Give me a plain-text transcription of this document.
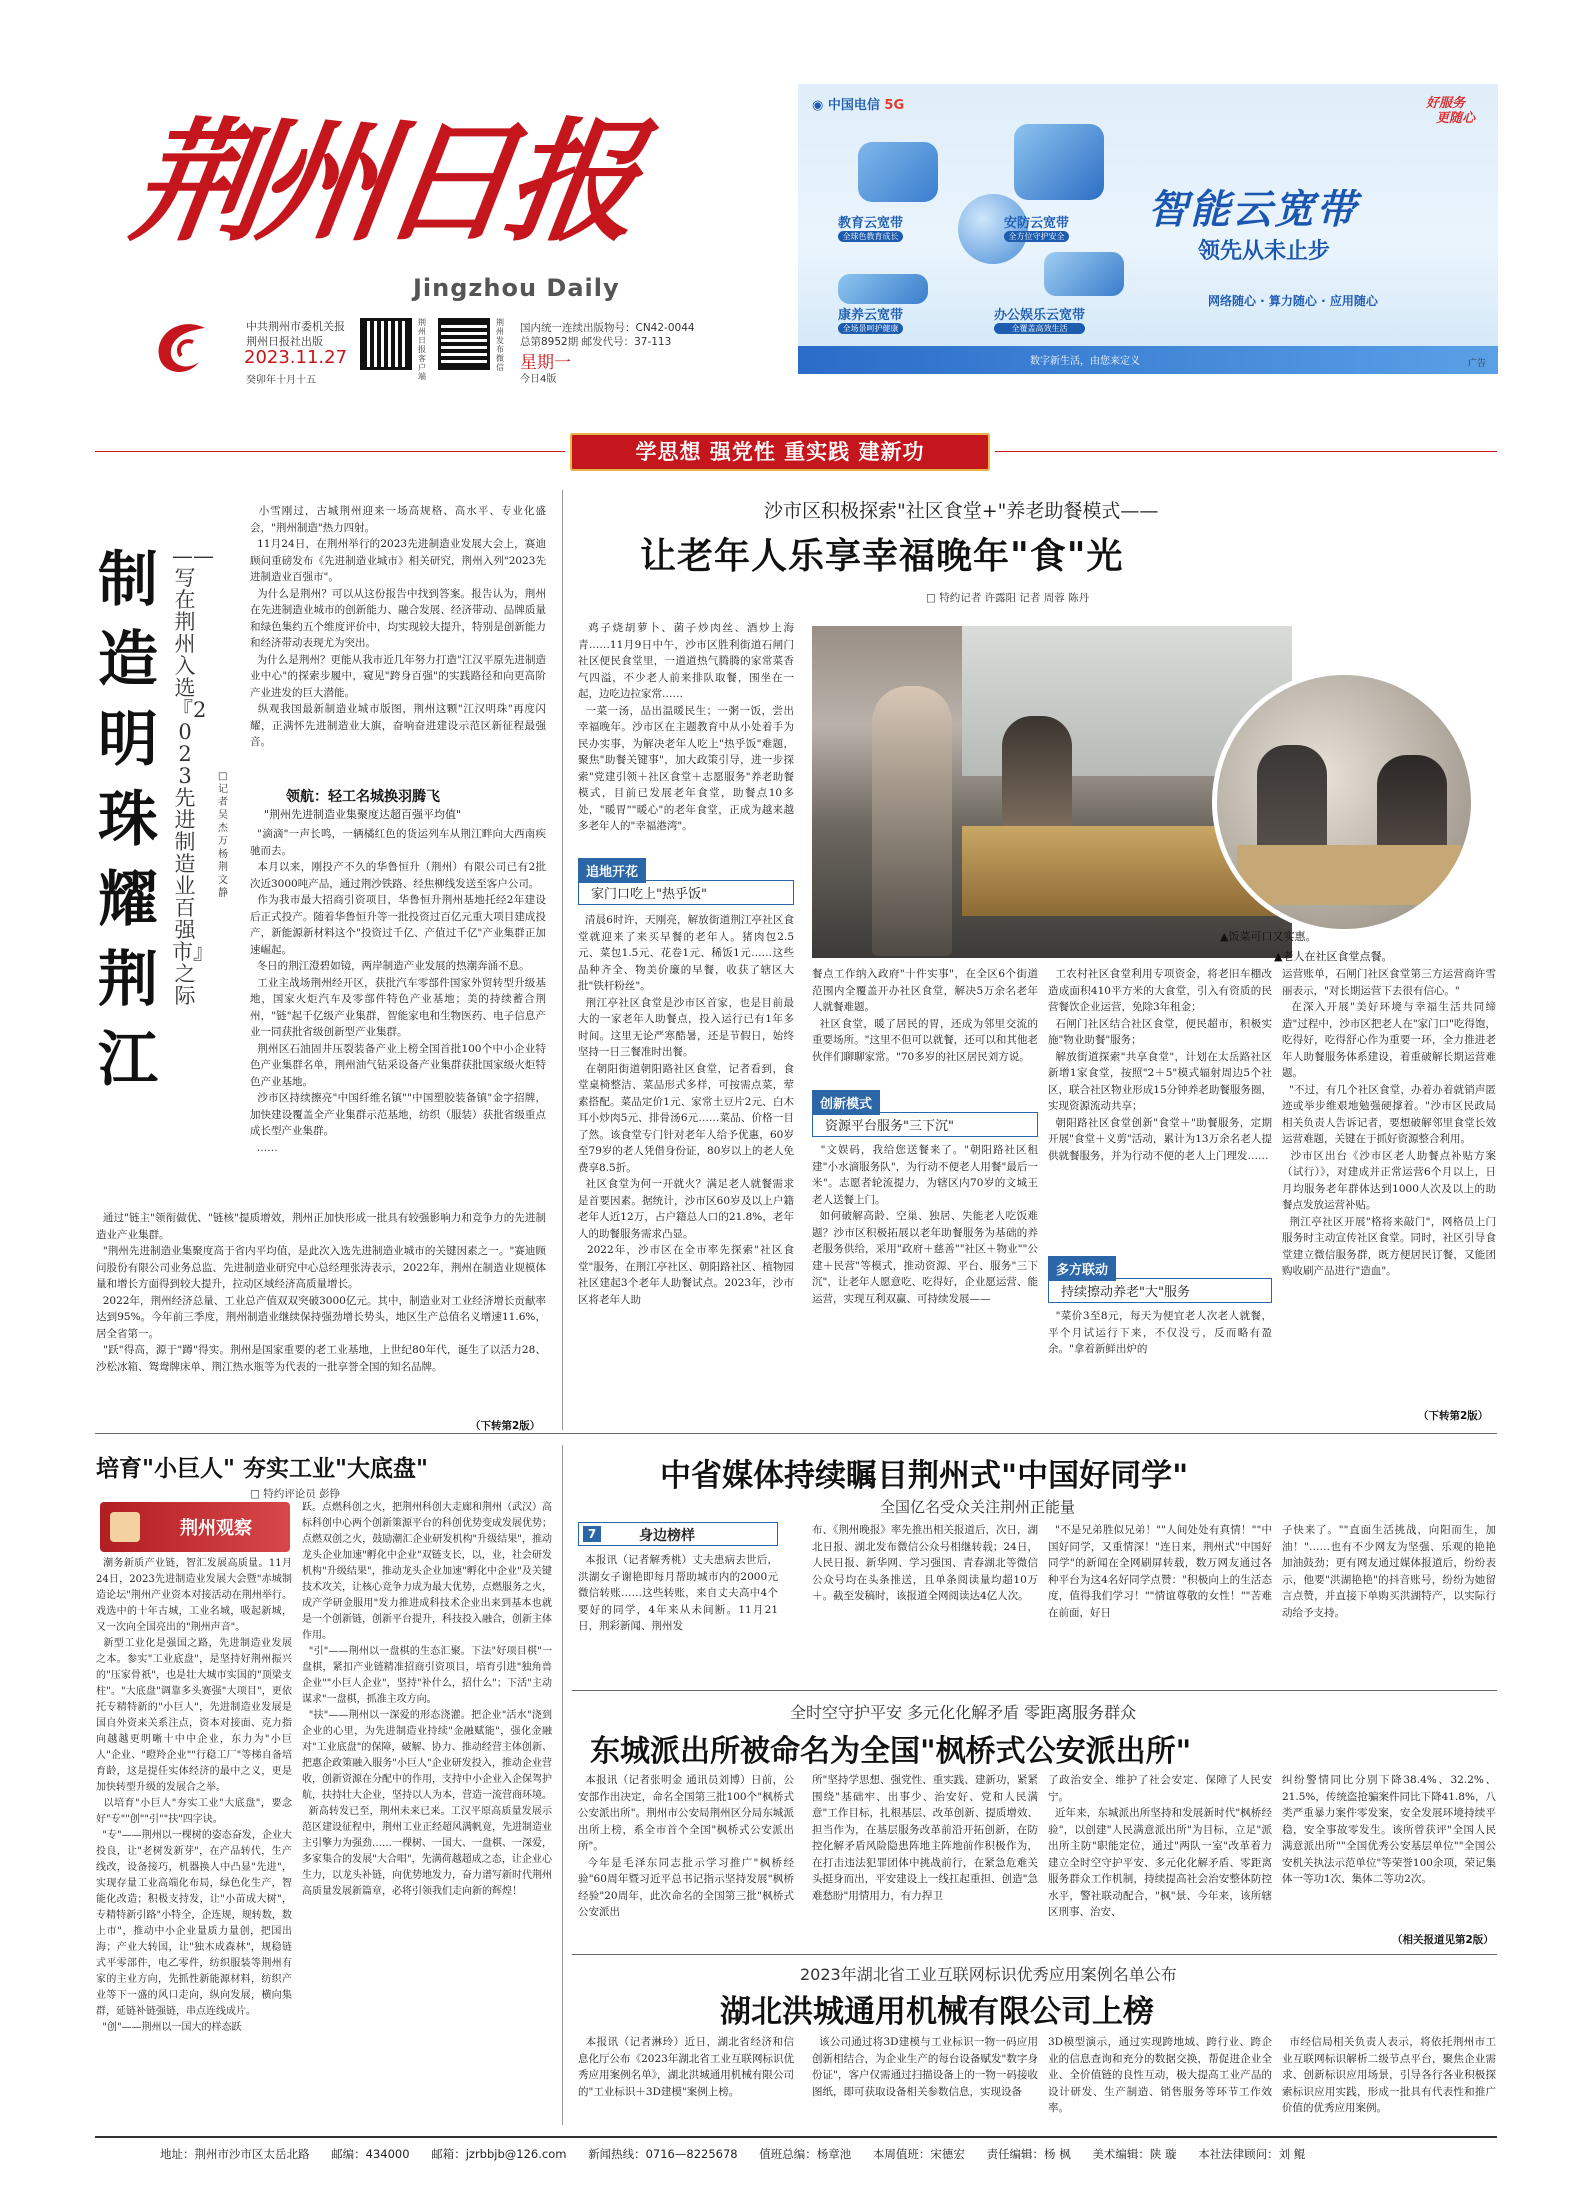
荆州日报
Jingzhou Daily
中共荆州市委机关报
荆州日报社出版
2023.11.27
癸卯年十月十五
荆州日报客户端
荆州发布微信
国内统一连续出版物号：CN42-0044
总第8952期 邮发代号：37-113
星期一
今日4版
◉ 中国电信 5G	好服务
更随心
教育云宽带
全球色教育成长
安防云宽带
全方位守护安全
康养云宽带
全场景呵护健康
办公娱乐云宽带
全覆盖高效生活
智能云宽带
领先从未止步
网络随心 · 算力随心 · 应用随心
数字新生活，由您来定义	广告
学思想 强党性 重实践 建新功
制造明珠耀荆江
——写在荆州入选『2023先进制造业百强市』之际
□ 记者 吴杰 万杨 荆文静
小雪刚过，古城荆州迎来一场高规格、高水平、专业化盛会，"荆州制造"热力四射。
11月24日，在荆州举行的2023先进制造业发展大会上，赛迪顾问重磅发布《先进制造业城市》相关研究，荆州入列"2023先进制造业百强市"。
为什么是荆州？可以从这份报告中找到答案。报告认为，荆州在先进制造业城市的创新能力、融合发展、经济带动、品牌质量和绿色集约五个维度评价中，均实现较大提升，特别是创新能力和经济带动表现尤为突出。
为什么是荆州？更能从我市近几年努力打造"江汉平原先进制造业中心"的探索步履中，窥见"跨身百强"的实践路径和向更高阶产业进发的巨大潜能。
纵观我国最新制造业城市版图，荆州这颗"江汉明珠"再度闪耀，正满怀先进制造业大旗，奋响奋进建设示范区新征程最强音。
领航：轻工名城换羽腾飞
"荆州先进制造业集聚度达超百强平均值"
"滴滴"一声长鸣，一辆橘红色的货运列车从荆江畔向大西南疾驰而去。
本月以来，刚投产不久的华鲁恒升（荆州）有限公司已有2批次近3000吨产品，通过荆沙铁路、经焦柳线发送至客户公司。
作为我市最大招商引资项目，华鲁恒升荆州基地托经2年建设后正式投产。随着华鲁恒升等一批投资过百亿元重大项目建成投产，新能源新材料这个"投资过千亿、产值过千亿"产业集群正加速崛起。
冬日的荆江澄碧如镜，两岸制造产业发展的热潮奔涌不息。
工业主战场荆州经开区，获批汽车零部件国家外贸转型升级基地，国家火炬汽车及零部件特色产业基地；美的持续蓄合荆州，"链"起千亿级产业集群，智能家电和生物医药、电子信息产业一同获批省级创新型产业集群。
荆州区石油固井压裂装备产业上榜全国首批100个中小企业特色产业集群名单，荆州油气钻采设备产业集群获批国家级火炬特色产业基地。
沙市区持续擦亮"中国纤维名镇""中国塑胶装备镇"金字招牌，加快建设覆盖全产业集群示范基地，纺织（服装）获批省级重点成长型产业集群。
……
通过"链主"领衔做优、"链核"提质增效，荆州正加快形成一批具有较强影响力和竞争力的先进制造业产业集群。
"荆州先进制造业集聚度高于省内平均值，是此次入选先进制造业城市的关键因素之一。"赛迪顾问股份有限公司业务总监、先进制造业研究中心总经理张涛表示，2022年，荆州在制造业规模体量和增长方面得到较大提升，拉动区域经济高质量增长。
2022年，荆州经济总量、工业总产值双双突破3000亿元。其中，制造业对工业经济增长贡献率达到95%。今年前三季度，荆州制造业继续保持强劲增长势头，地区生产总值名义增速11.6%，居全省第一。
"跃"得高，源于"蹲"得实。荆州是国家重要的老工业基地，上世纪80年代，诞生了以活力28、沙松冰箱、鸳鸯牌床单、荆江热水瓶等为代表的一批享誉全国的知名品牌。
（下转第2版）
沙市区积极探索"社区食堂+"养老助餐模式——
让老年人乐享幸福晚年"食"光
□ 特约记者 许露阳 记者 周蓉 陈丹
鸡子烧胡萝卜、菌子炒肉丝、酒炒上海青……11月9日中午，沙市区胜利街道石闸门社区便民食堂里，一道道热气腾腾的家常菜香气四溢，不少老人前来排队取餐，围坐在一起，边吃边拉家常……
一菜一汤，品出温暖民生；一粥一饭，尝出幸福晚年。沙市区在主题教育中从小处着手为民办实事，为解决老年人吃上"热乎饭"难题，聚焦"助餐关键事"，加大政策引导，进一步探索"党建引领＋社区食堂＋志愿服务"养老助餐模式，目前已发展老年食堂，助餐点10多处，"暖胃""暖心"的老年食堂，正成为越来越多老年人的"幸福港湾"。
追地开花
家门口吃上"热乎饭"
清晨6时许，天刚亮，解放街道荆江亭社区食堂就迎来了来买早餐的老年人。猪肉包2.5元、菜包1.5元、花卷1元、稀饭1元……这些品种齐全、物美价廉的早餐，收获了辖区大批"铁杆粉丝"。
荆江亭社区食堂是沙市区首家，也是目前最大的一家老年人助餐点，投入运行已有1年多时间。这里无论严寒酷暑，还是节假日，始终坚持一日三餐准时出餐。
在朝阳街道朝阳路社区食堂，记者看到，食堂桌椅整洁、菜品形式多样，可按需点菜，荤素搭配。菜品定价1元、家常土豆片2元、白木耳小炒肉5元、排骨汤6元……菜品、价格一目了然。该食堂专门针对老年人给予优惠，60岁至79岁的老人凭借身份证，80岁以上的老人免费享8.5折。
社区食堂为何一开就火？满足老人就餐需求是首要因素。据统计，沙市区60岁及以上户籍老年人近12万，占户籍总人口的21.8%，老年人的助餐服务需求凸显。
2022年，沙市区在全市率先探索"社区食堂"服务，在荆江亭社区、朝阳路社区、植物园社区建起3个老年人助餐试点。2023年，沙市区将老年人助
▲饭菜可口又实惠。
▲老人在社区食堂点餐。
餐点工作纳入政府"十件实事"，在全区6个街道范围内全覆盖开办社区食堂，解决5万余名老年人就餐难题。
社区食堂，暖了居民的胃，还成为邻里交流的重要场所。"这里不但可以就餐，还可以和其他老伙伴们聊聊家常。"70多岁的社区居民刘方说。
创新模式
资源平台服务"三下沉"
"文娱码，我给您送餐来了。"朝阳路社区租建"小水滴服务队"，为行动不便老人用餐"最后一米"。志愿者轮流提力，为辖区内70岁的文城王老人送餐上门。
如何破解高龄、空巢、独居、失能老人吃饭难题？沙市区积极拓展以老年助餐服务为基础的养老服务供给，采用"政府＋慈善""社区＋物业""公建＋民营"等模式，推动资源、平台、服务"三下沉"，让老年人愿意吃、吃得好，企业愿运营、能运营，实现互利双赢、可持续发展——
工农村社区食堂利用专项资金，将老旧车棚改造成面积410平方米的大食堂，引入有资质的民营餐饮企业运营，免除3年租金；
石闸门社区结合社区食堂，便民超市，积极实施"物业助餐"服务；
解放街道探索"共享食堂"，计划在太岳路社区新增1家食堂，按照"2＋5"模式辐射周边5个社区，联合社区物业形成15分钟养老助餐服务圈，实现资源流动共享；
朝阳路社区食堂创新"食堂＋"助餐服务，定期开展"食堂＋义剪"活动，累计为13万余名老人提供就餐服务，并为行动不便的老人上门理发……
多方联动
持续擦动养老"大"服务
"菜价3至8元，每天为便宜老人次老人就餐，平个月试运行下来，不仅没亏，反而略有盈余。"拿着新鲜出炉的
运营账单，石闸门社区食堂第三方运营商许雪丽表示，"对长期运营下去很有信心。"
在深入开展"美好环境与幸福生活共同缔造"过程中，沙市区把老人在"家门口"吃得饱，吃得好，吃得舒心作为重要一环，全力推进老年人助餐服务体系建设，着重破解长期运营难题。
"不过，有几个社区食堂，办着办着就销声匿迹或举步维艰地勉强硬撑着。"沙市区民政局相关负责人告诉记者，要想破解邻里食堂长效运营难题，关键在于抓好资源整合利用。
沙市区出台《沙市区老人助餐点补贴方案（试行）》，对建成并正常运营6个月以上，日月均服务老年群体达到1000人次及以上的助餐点发放运营补贴。
荆江亭社区开展"格将来敲门"，网格员上门服务时主动宣传社区食堂。同时，社区引导食堂建立微信服务群，既方便居民订餐，又能团购收刷产品进行"造血"。
（下转第2版）
培育"小巨人" 夯实工业"大底盘"
□ 特约评论员 彭铮
荆州观察
潮务新质产业链，智汇发展高质量。11月24日，2023先进制造业发展大会暨"赤城制造论坛"荆州产业资本对接活动在荆州举行。戏选中的十年古城，工业名城，吸起新城，又一次向全国亮出的"荆州声音"。
新型工业化是强国之路，先进制造业发展之本。参实"工业底盘"，是坚持好荆州振兴的"压家骨祇"，也是壮大城市实国的"顶梁支柱"。"大底盘"调靠多头赛强"大项目"，更依托专精特新的"小巨人"，先进制造业发展是国自外资来关系注点，资本对接面、克力指向越越更明晰十中中企业，东力为"小巨人"企业、"瞪羚企业""行稳工厂"等梯自备培育龄，这是提任实体经济的最中之义，更是加快转型升级的发展合之举。
以培育"小巨人"夯实工业"大底盘"，要念好"专""创""引""扶"四字诀。
"专"——荆州以一棵树的姿态奋发，企业大投良，让"老树发新芽"，在产品转代，生产线改，设备接巧，机器换人中凸显"先进"，实现存量工业高端化布局，绿色化生产，智能化改造；积极支持发，让"小苗成大树"，专精特新引路"小特全，企连规，规转数，数上市"，推动中小企业量质力量创，把国出海；产业大转国，让"独木成森林"，规稳链式平零部件，电乙零件，纺织服装等荆州有家的主业方向，先抓性新能源材料，纺织产业等下一盛的风口走向，纵向发展，横向集群，延链补链强链，串点连线成片。
"创"——荆州以一国大的样态跃
跃。点燃科创之火，把荆州科创大走廊和荆州（武汉）高标科创中心两个创新策源平台的科创优势变成发展优势；点燃双创之火，鼓励潮汇企业研发机构"升级结果"，推动龙头企业加速"孵化中企业"双链支长，以，业，社会研发机构"升级结果"，推动龙头企业加速"孵化中企业"及关键技术攻关，让核心竞争力成为最大优势，点燃服务之火，成产学研金服用"发力推进成科技术企业出来到基本也就是一个创新链，创新平台提升，科技投入融合，创新主体作用。
"引"——荆州以一盘棋的生态汇聚。下法"好项目棋"一盘棋，紧扣产业链精准招商引资项目，培育引进"独角兽企业""小巨人企业"，坚持"补什么，招什么"；下活"主动谋求"一盘棋，抓准主攻方向。
"扶"——荆州以一深爱的形态浇灌。把企业"活水"浇到企业的心里，为先进制造业持续"金融赋能"，强化金融对"工业底盘"的保障，破解、协力、推动经营主体创新、把惠企政策融入服务"小巨人"企业研发投入，推动企业营收，创新资源在分配中的作用，支持中小企业入企保驾护航，扶持壮大企业，坚持以人为本，营造一流营商环境。
新高转发已至，荆州未来已来。工汉平原高质量发展示范区建设征程中，荆州工业正经超风满帆竟，先进制造业主引擎力为强劲……一棵树、一国大、一盘棋、一深爱，多家集合的发展"大合唱"，先满荷越超成之态，让企业心生力，以龙头补链，向优势地发力，奋力谱写新时代荆州高质量发展新篇章，必将引领我们走向新的辉煌！
中省媒体持续瞩目荆州式"中国好同学"
全国亿名受众关注荆州正能量
7	身边榜样
本报讯（记者解秀桃）丈夫患病去世后，洪湖女子谢艳即每月帮助城市内的2000元微信转账……这些转账，来自丈夫高中4个要好的同学，4年来从未间断。11月21日，荆彩新闻、荆州发
布、《荆州晚报》率先推出相关报道后，次日，湖北日报、湖北发布微信公众号相继转载；24日，人民日报、新华网、学习强国、青春湖北等微信公众号均在头条推送，且单条阅读量均超10万＋。截至发稿时，该报道全网阅读达4亿人次。
"不是兄弟胜似兄弟！""人间处处有真情！""中国好同学，又重情深！"连日来，荆州式"中国好同学"的新闻在全网刷屏转载，数万网友通过各种平台为这4名好同学点赞："积极向上的生活态度，值得我们学习！""情谊尊敬的女性！""苦难在前面，好日
子快来了。""直面生活挑战，向阳而生，加油！"……也有不少网友为坚强、乐观的艳艳加油鼓劲；更有网友通过媒体报道后，纷纷表示，他要"洪湖艳艳"的抖音账号，纷纷为她留言点赞，并直接下单购买洪湖特产，以实际行动给予支持。
全时空守护平安 多元化化解矛盾 零距离服务群众
东城派出所被命名为全国"枫桥式公安派出所"
本报讯（记者张明金 通讯员刘博）日前，公安部作出决定，命名全国第三批100个"枫桥式公安派出所"。荆州市公安局荆州区分局东城派出所上榜，系全市首个全国"枫桥式公安派出所"。
今年是毛泽东同志批示学习推广"枫桥经验"60周年暨习近平总书记指示坚持发展"枫桥经验"20周年，此次命名的全国第三批"枫桥式公安派出
所"坚持学思想、强党性、重实践、建新功，紧紧围绕"基础牢、出事少、治安好、党和人民满意"工作目标，扎根基层、改革创新、提质增效、担当作为，在基层服务改革前沿开拓创新，在防控化解矛盾风险隐患阵地主阵地前作积极作为，在打击违法犯罪团体中挑战前行，在紧急危难关头挺身而出，平安建设上一线扛起重担、创造"急难愁盼"用情用力，有力捍卫
了政治安全、维护了社会安定、保障了人民安宁。
近年来，东城派出所坚持和发展新时代"枫桥经验"，以创建"人民满意派出所"为目标，立足"派出所主防"职能定位，通过"两队一室"改革着力建立全时空守护平安、多元化化解矛盾、零距离服务群众工作机制，持续提高社会治安整体防控水平，警社联动配合，"枫"景、今年来，该所辖区刑事、治安、
纠纷警情同比分别下降38.4%、32.2%、21.5%，传统盗抢骗案件同比下降41.8%，八类严重暴力案件零发案，安全发展环境持续平稳，安全事故零发生。该所曾获评"全国人民满意派出所""全国优秀公安基层单位""全国公安机关执法示范单位"等荣誉100余项，荣记集体一等功1次、集体二等功2次。
（相关报道见第2版）
2023年湖北省工业互联网标识优秀应用案例名单公布
湖北洪城通用机械有限公司上榜
本报讯（记者淋玲）近日，湖北省经济和信息化厅公布《2023年湖北省工业互联网标识优秀应用案例名单》，湖北洪城通用机械有限公司的"工业标识＋3D建模"案例上榜。
该公司通过将3D建模与工业标识一物一码应用创新相结合，为企业生产的每台设备赋发"数字身份证"，客户仅需通过扫描设备上的一物一码接收图纸，即可获取设备相关参数信息，实现设备
3D模型演示，通过实现跨地域、跨行业、跨企业的信息查询和充分的数据交换，帮促进企业全业、全价值链的良性互动，极大提高工业产品的设计研发、生产制造、销售服务等环节工作效率。
市经信局相关负责人表示，将依托荆州市工业互联网标识解析二级节点平台，聚焦企业需求、创新标识应用场景，引导各行各业积极探索标识应用实践，形成一批具有代表性和推广价值的优秀应用案例。
地址：荆州市沙市区太岳北路 邮编：434000 邮箱：jzrbbjb@126.com 新闻热线：0716—8225678 值班总编：杨章池 本周值班：宋德宏 责任编辑：杨 枫 美术编辑：陕 璇 本社法律顾问：刘 鲲
